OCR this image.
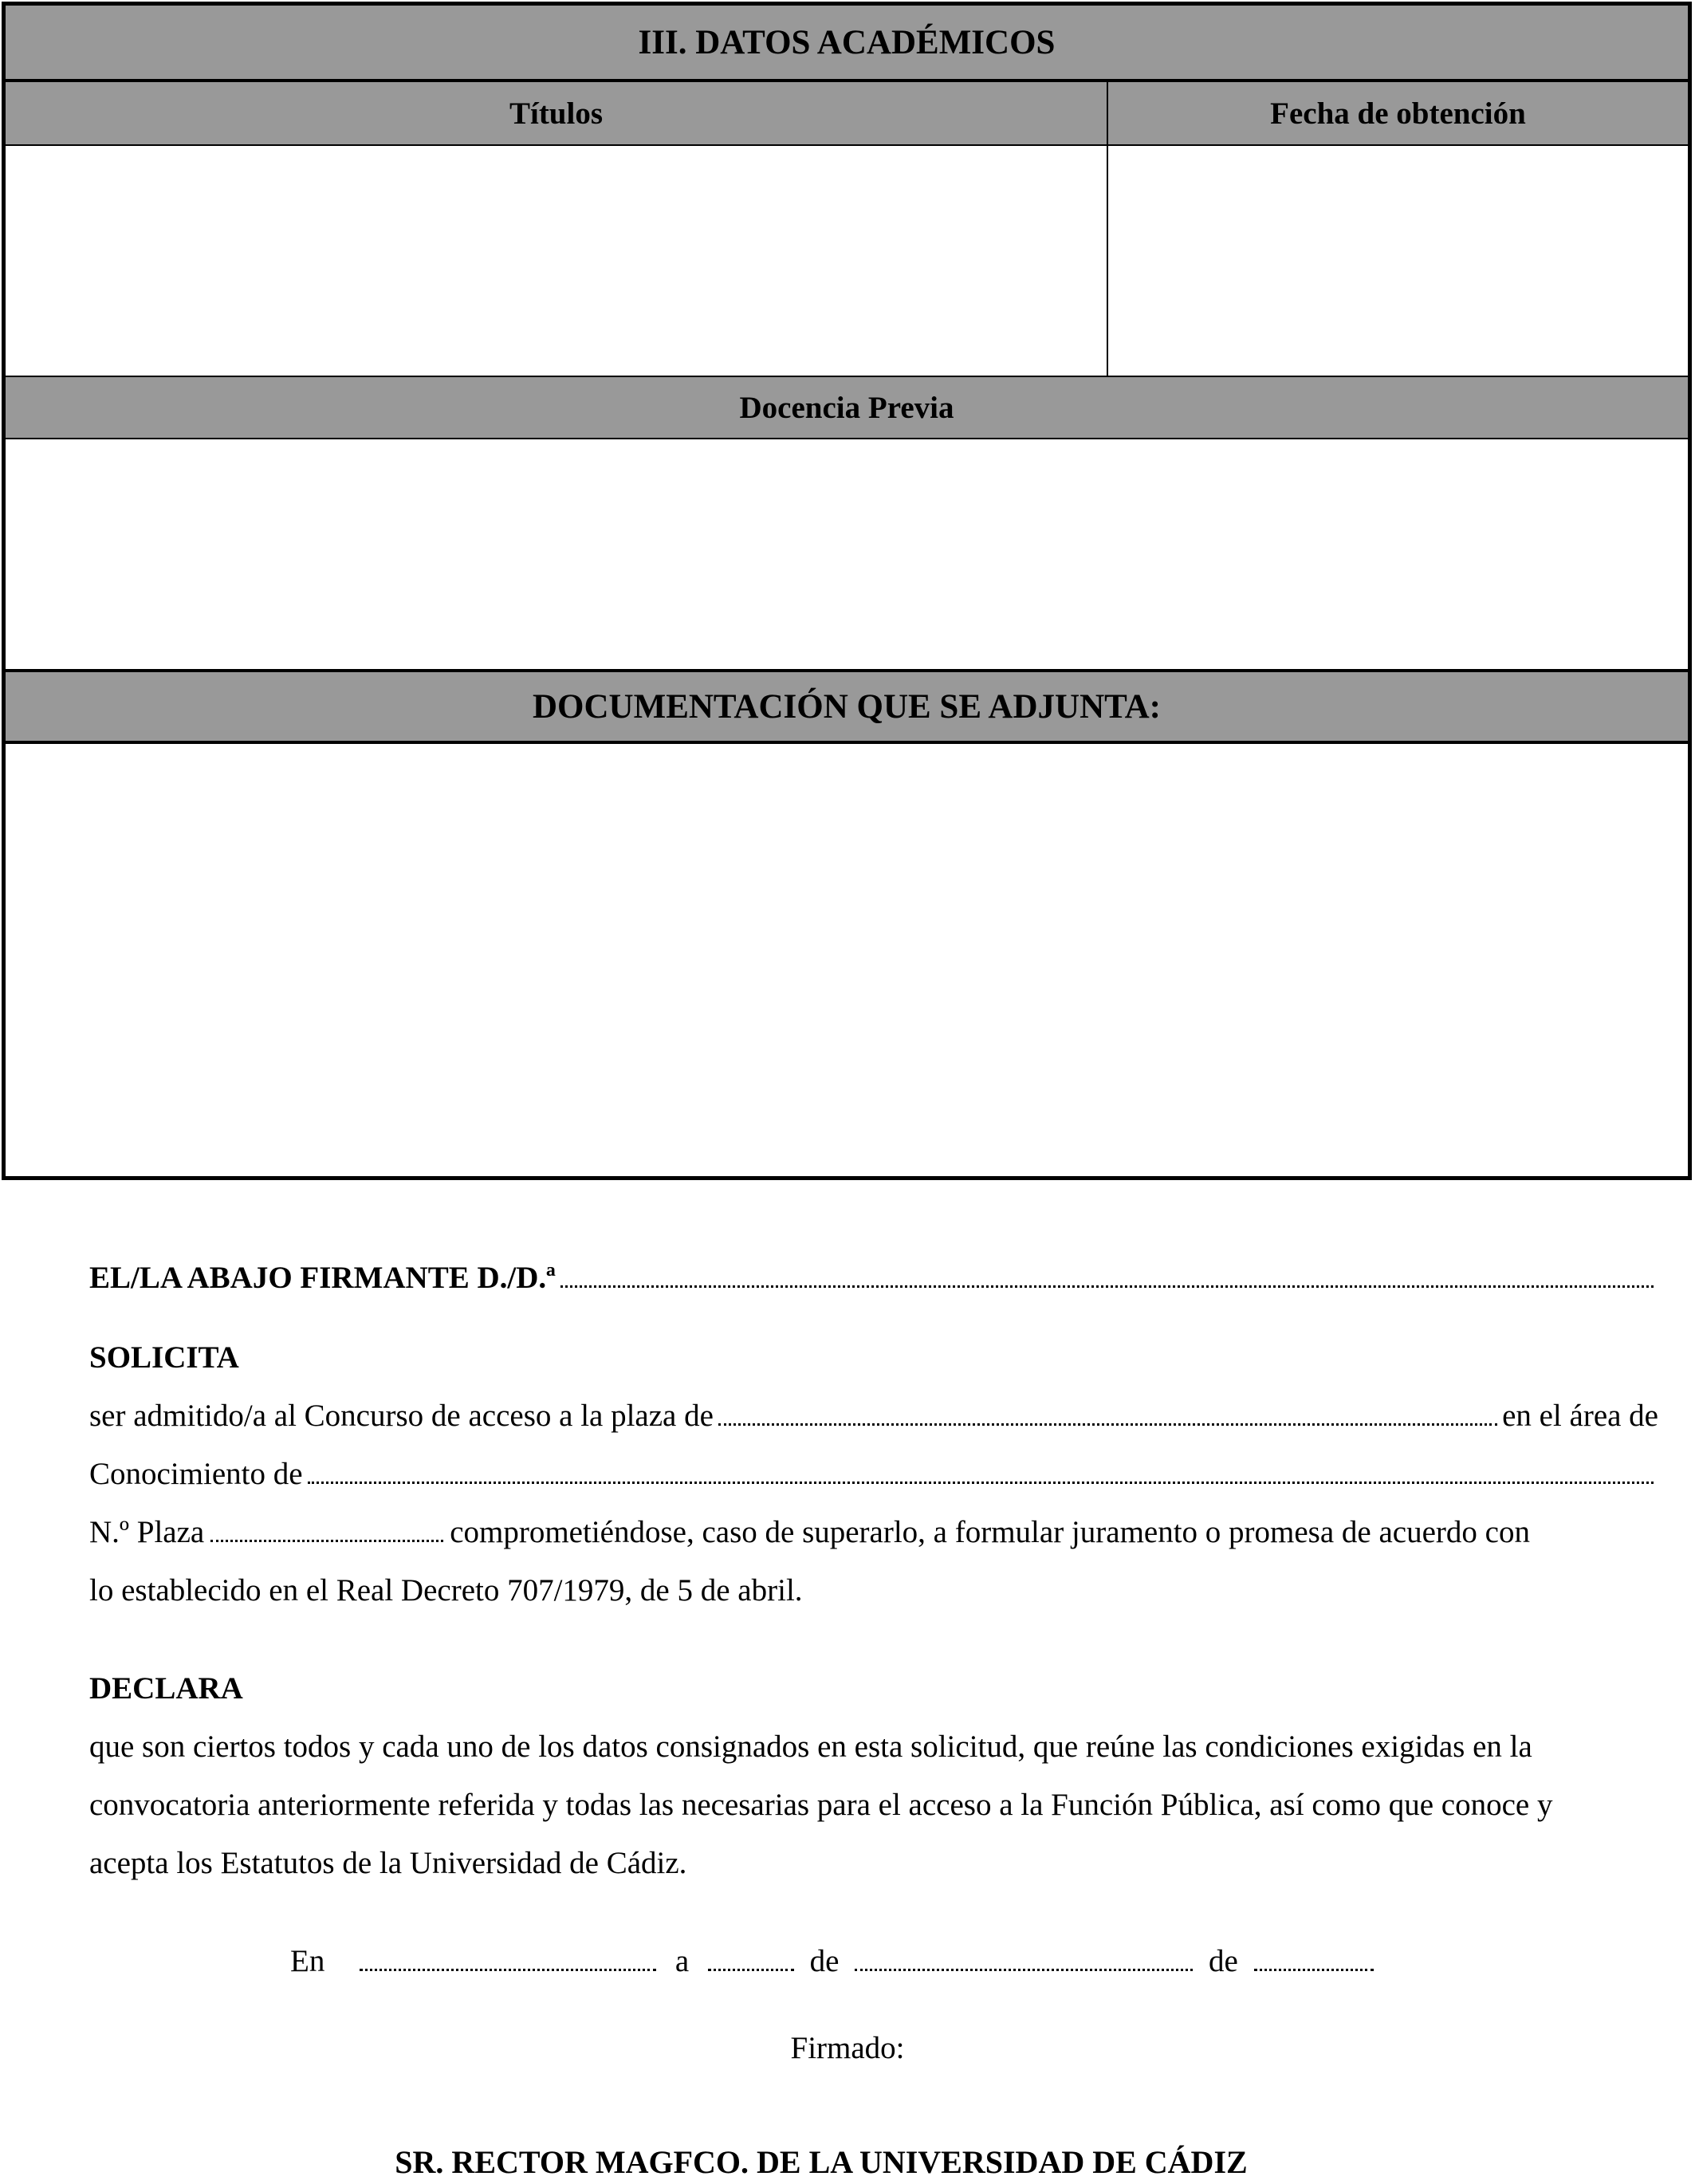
III. DATOS ACADÉMICOS
Títulos	Fecha de obtención
Docencia Previa
DOCUMENTACIÓN QUE SE ADJUNTA:
EL/LA ABAJO FIRMANTE D./D.ª
SOLICITA
ser admitido/a al Concurso de acceso a la plaza de	en el área de
Conocimiento de
N.º Plaza	comprometiéndose, caso de superarlo, a formular juramento o promesa de acuerdo con
lo establecido en el Real Decreto 707/1979, de 5 de abril.
DECLARA
que son ciertos todos y cada uno de los datos consignados en esta solicitud, que reúne las condiciones exigidas en la
convocatoria anteriormente referida y todas las necesarias para el acceso a la Función Pública, así como que conoce y
acepta los Estatutos de la Universidad de Cádiz.
En	a	de	de
Firmado:
SR. RECTOR MAGFCO. DE LA UNIVERSIDAD DE CÁDIZ
